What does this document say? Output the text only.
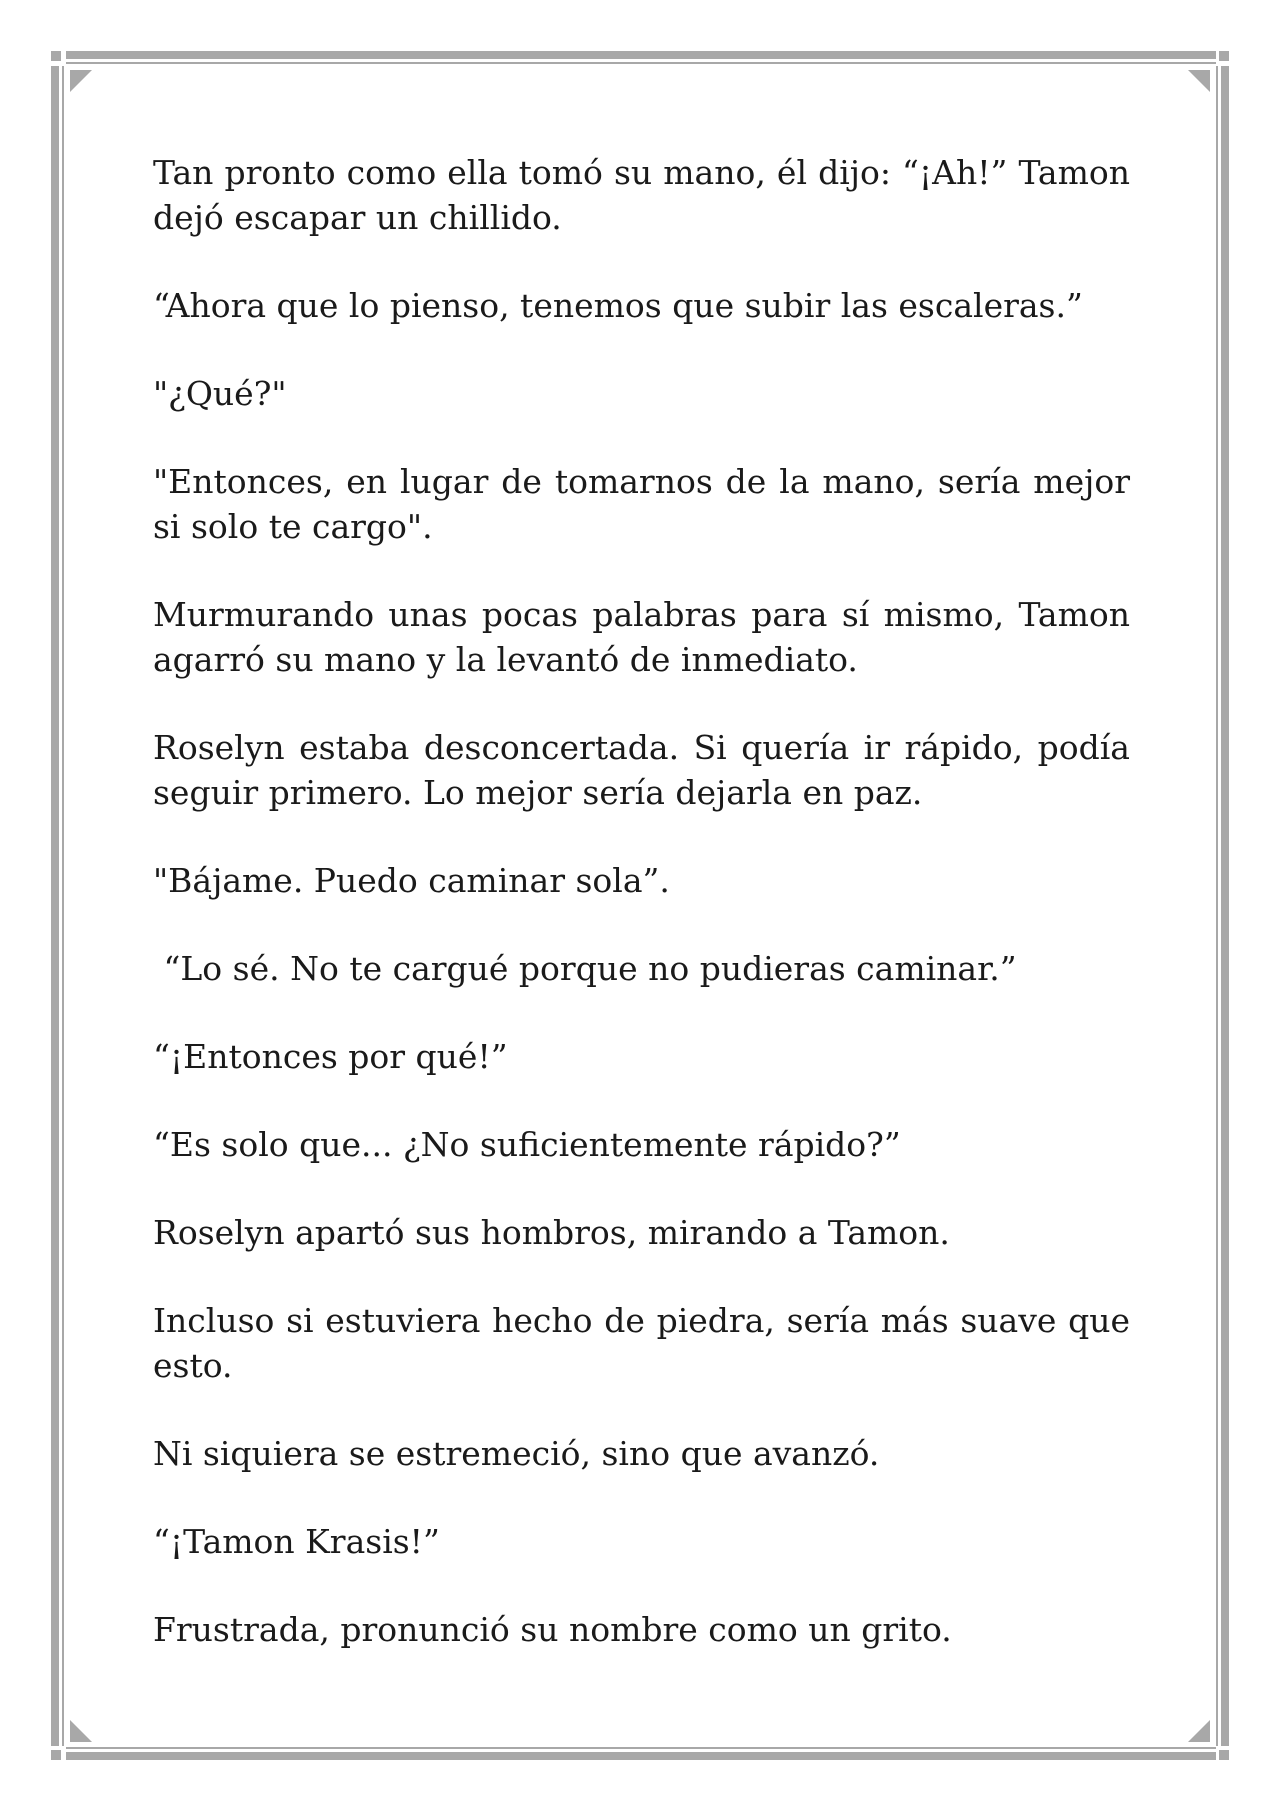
Tan pronto como ella tomó su mano, él dijo: “¡Ah!” Tamon dejó escapar un chillido.

“Ahora que lo pienso, tenemos que subir las escaleras.”

"¿Qué?"

"Entonces, en lugar de tomarnos de la mano, sería mejor si solo te cargo".

Murmurando unas pocas palabras para sí mismo, Tamon agarró su mano y la levantó de inmediato.

Roselyn estaba desconcertada. Si quería ir rápido, podía seguir primero. Lo mejor sería dejarla en paz.

"Bájame. Puedo caminar sola”.

“Lo sé. No te cargué porque no pudieras caminar.”

“¡Entonces por qué!”

“Es solo que... ¿No suficientemente rápido?”

Roselyn apartó sus hombros, mirando a Tamon.

Incluso si estuviera hecho de piedra, sería más suave que esto.

Ni siquiera se estremeció, sino que avanzó.

“¡Tamon Krasis!”

Frustrada, pronunció su nombre como un grito.
